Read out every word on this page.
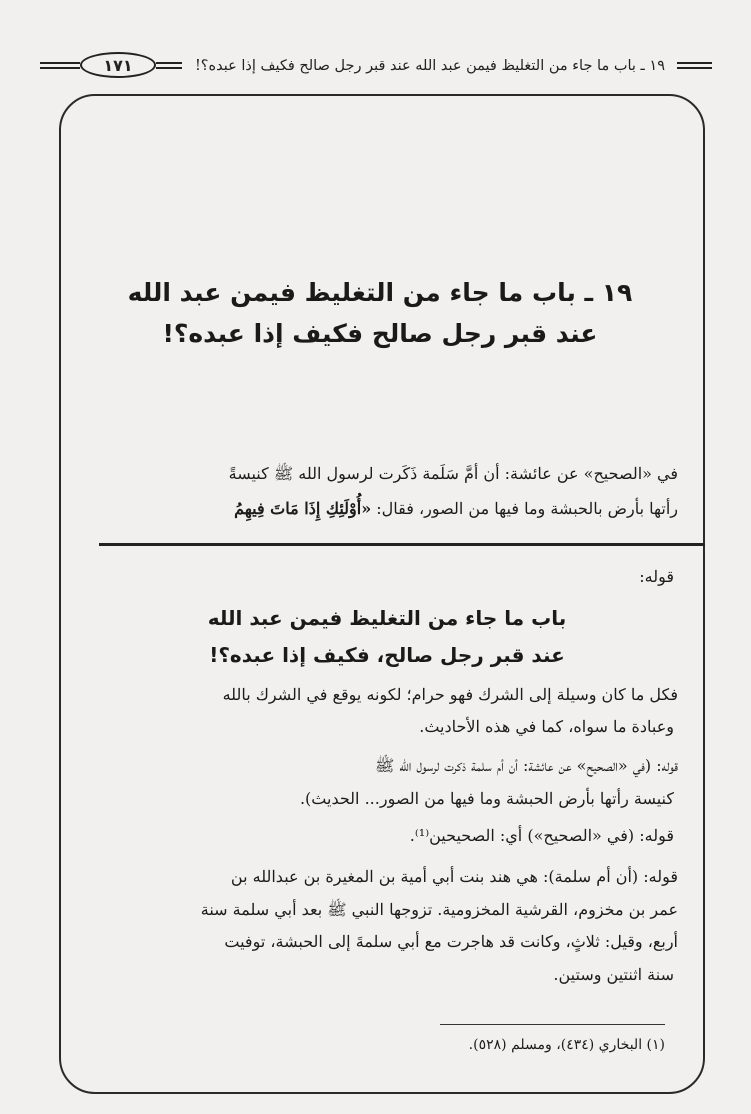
١٩ ـ باب ما جاء من التغليظ فيمن عبد الله عند قبر رجل صالح فكيف إذا عبده؟!
١٧١
١٩ ـ باب ما جاء من التغليظ فيمن عبد الله
عند قبر رجل صالح فكيف إذا عبده؟!
في «الصحيح» عن عائشة: أن أمَّ سَلَمة ذَكَرت لرسول الله ﷺ كنيسةً
رأتها بأرض بالحبشة وما فيها من الصور، فقال: «أُوْلَئِكِ إِذَا مَاتَ فِيهِمُ
قوله:
باب ما جاء من التغليظ فيمن عبد الله
عند قبر رجل صالح، فكيف إذا عبده؟!
فكل ما كان وسيلة إلى الشرك فهو حرام؛ لكونه يوقع في الشرك بالله
وعبادة ما سواه، كما في هذه الأحاديث.
قوله: (في «الصحيح» عن عائشة: أن أم سلمة ذكرت لرسول الله ﷺ
كنيسة رأتها بأرض الحبشة وما فيها من الصور... الحديث).
قوله: (في «الصحيح») أي: الصحيحين⁽¹⁾.
قوله: (أن أم سلمة): هي هند بنت أبي أمية بن المغيرة بن عبدالله بن
عمر بن مخزوم، القرشية المخزومية. تزوجها النبي ﷺ بعد أبي سلمة سنة
أربع، وقيل: ثلاثٍ، وكانت قد هاجرت مع أبي سلمةَ إلى الحبشة، توفيت
سنة اثنتين وستين.
(١) البخاري (٤٣٤)، ومسلم (٥٢٨).
